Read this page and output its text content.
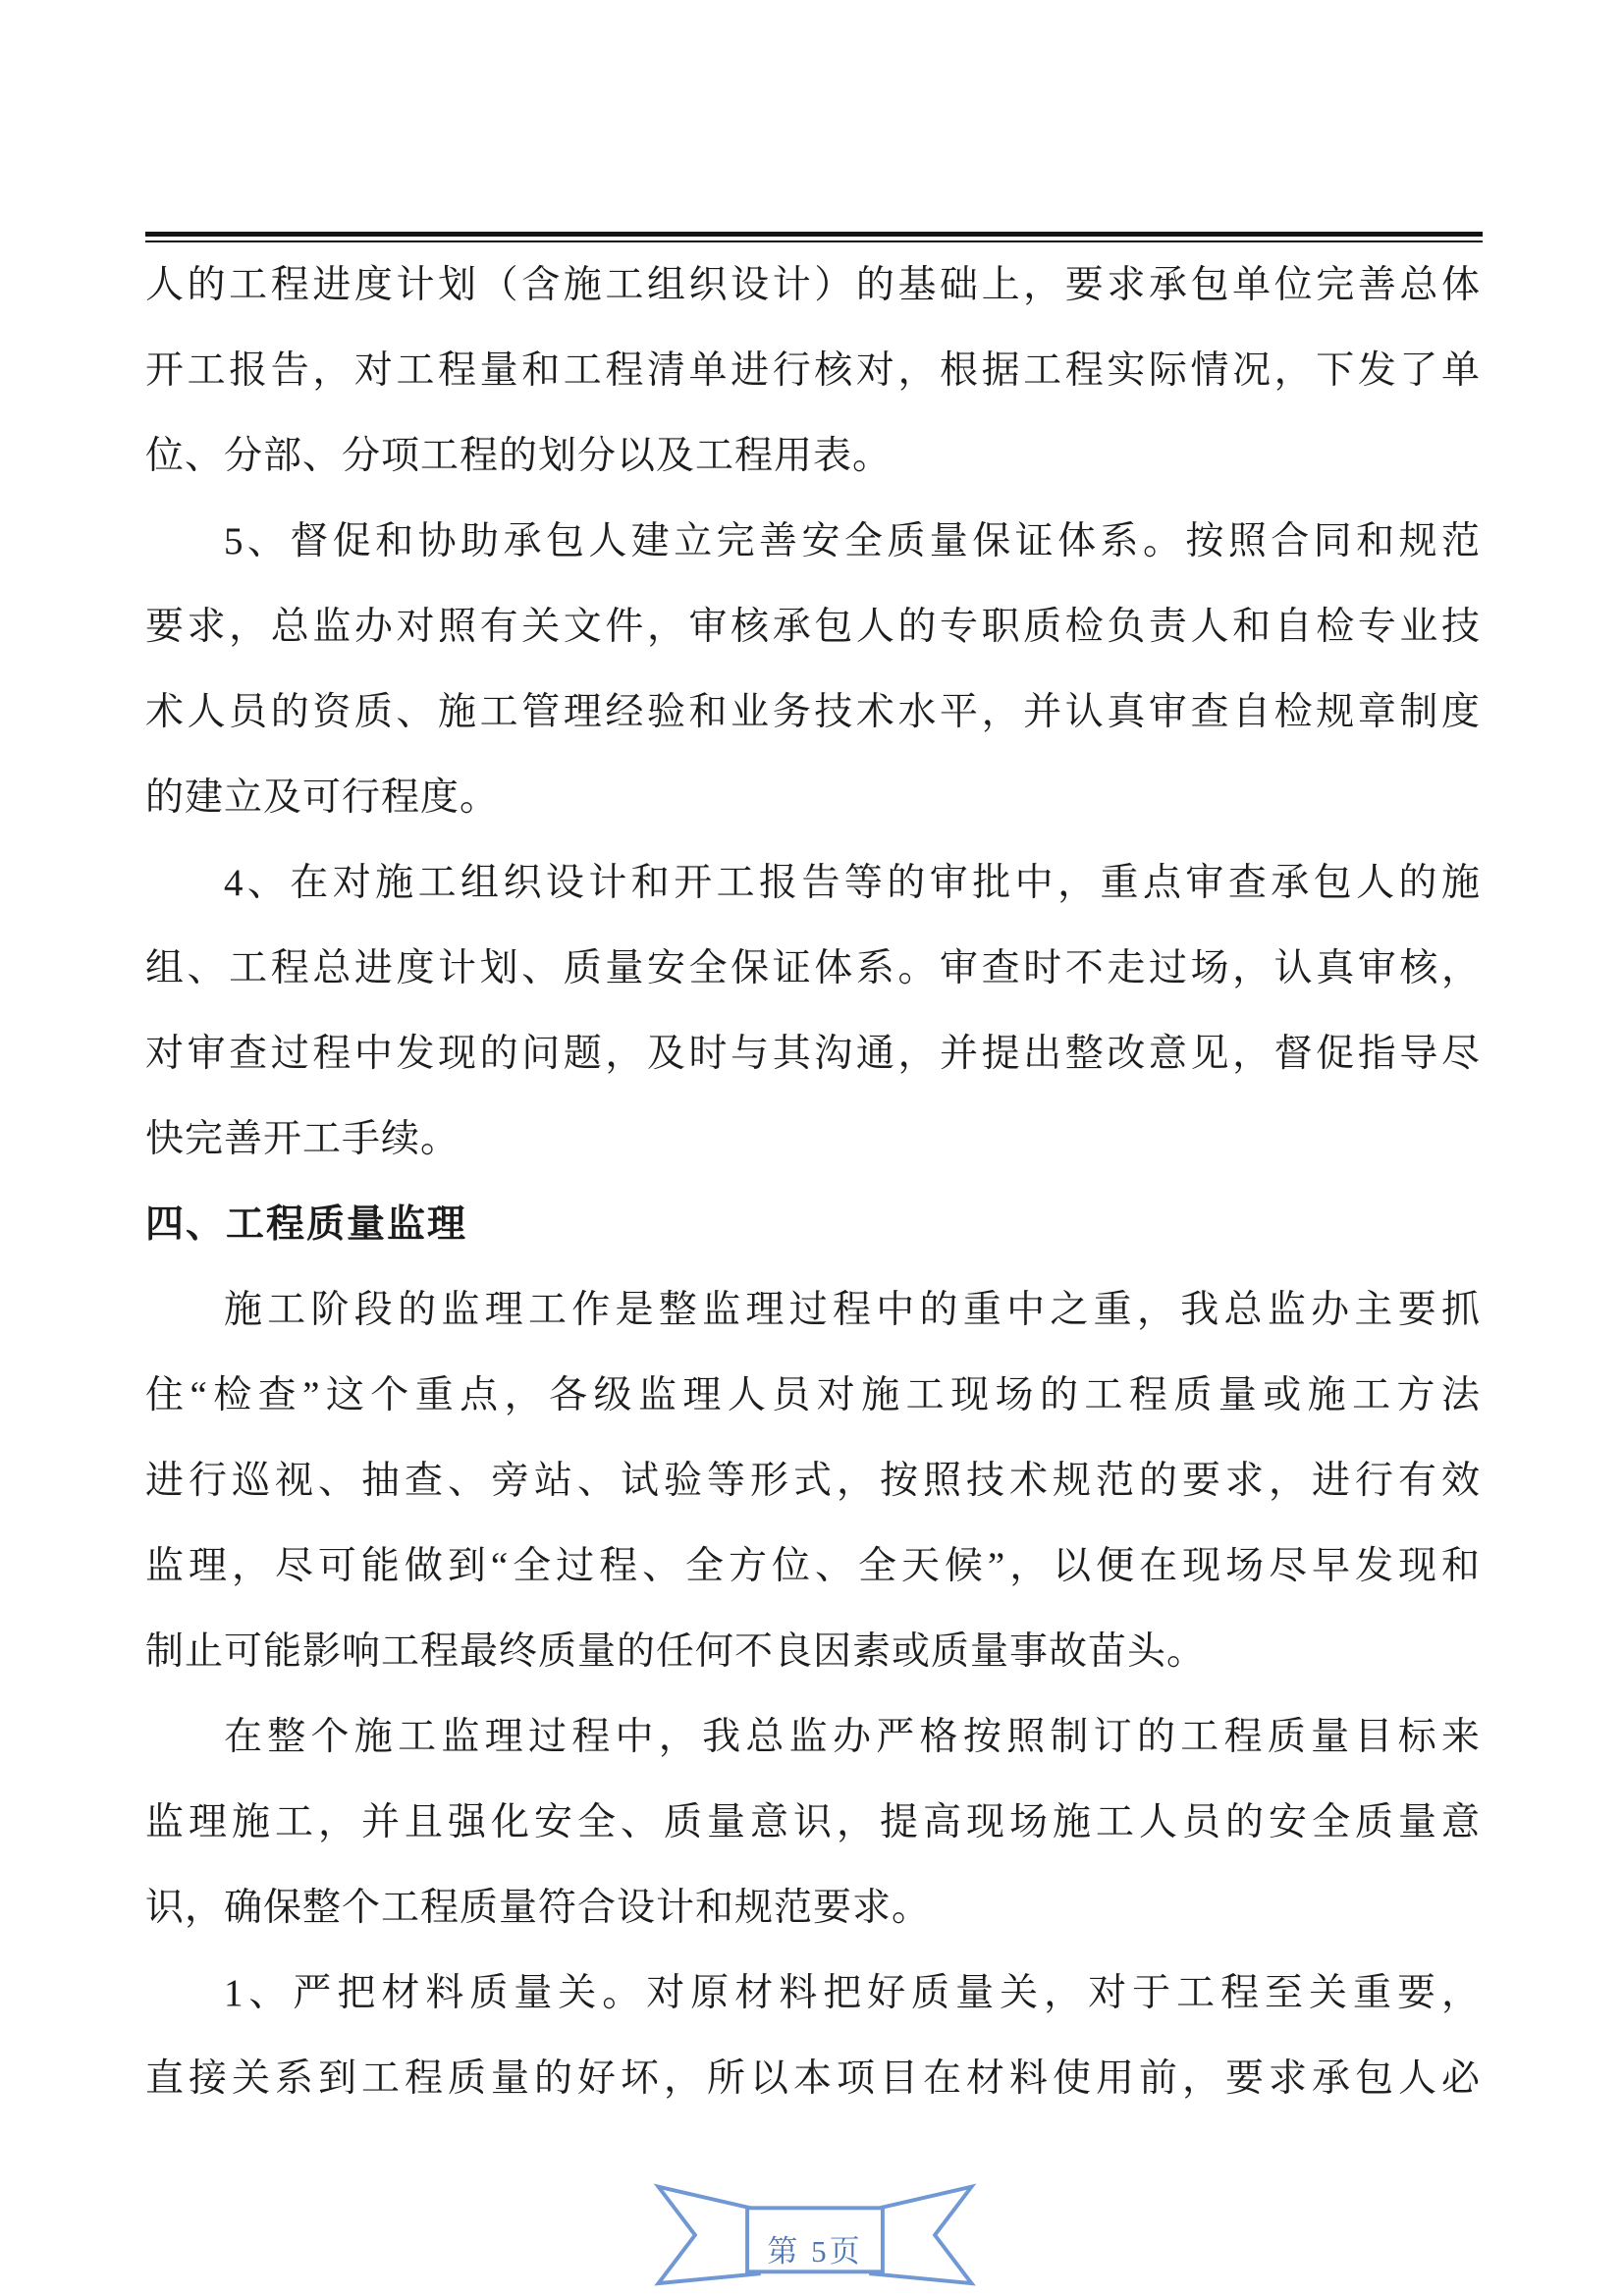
人的工程进度计划（含施工组织设计）的基础上，要求承包单位完善总体
开工报告，对工程量和工程清单进行核对，根据工程实际情况，下发了单
位、分部、分项工程的划分以及工程用表。
5、督促和协助承包人建立完善安全质量保证体系。按照合同和规范
要求，总监办对照有关文件，审核承包人的专职质检负责人和自检专业技
术人员的资质、施工管理经验和业务技术水平，并认真审查自检规章制度
的建立及可行程度。
4、在对施工组织设计和开工报告等的审批中，重点审查承包人的施
组、工程总进度计划、质量安全保证体系。审查时不走过场，认真审核，
对审查过程中发现的问题，及时与其沟通，并提出整改意见，督促指导尽
快完善开工手续。
四、工程质量监理
施工阶段的监理工作是整监理过程中的重中之重，我总监办主要抓
住“检查”这个重点，各级监理人员对施工现场的工程质量或施工方法
进行巡视、抽查、旁站、试验等形式，按照技术规范的要求，进行有效
监理，尽可能做到“全过程、全方位、全天候”，以便在现场尽早发现和
制止可能影响工程最终质量的任何不良因素或质量事故苗头。
在整个施工监理过程中，我总监办严格按照制订的工程质量目标来
监理施工，并且强化安全、质量意识，提高现场施工人员的安全质量意
识，确保整个工程质量符合设计和规范要求。
1、严把材料质量关。对原材料把好质量关，对于工程至关重要，
直接关系到工程质量的好坏，所以本项目在材料使用前，要求承包人必
第 5页
